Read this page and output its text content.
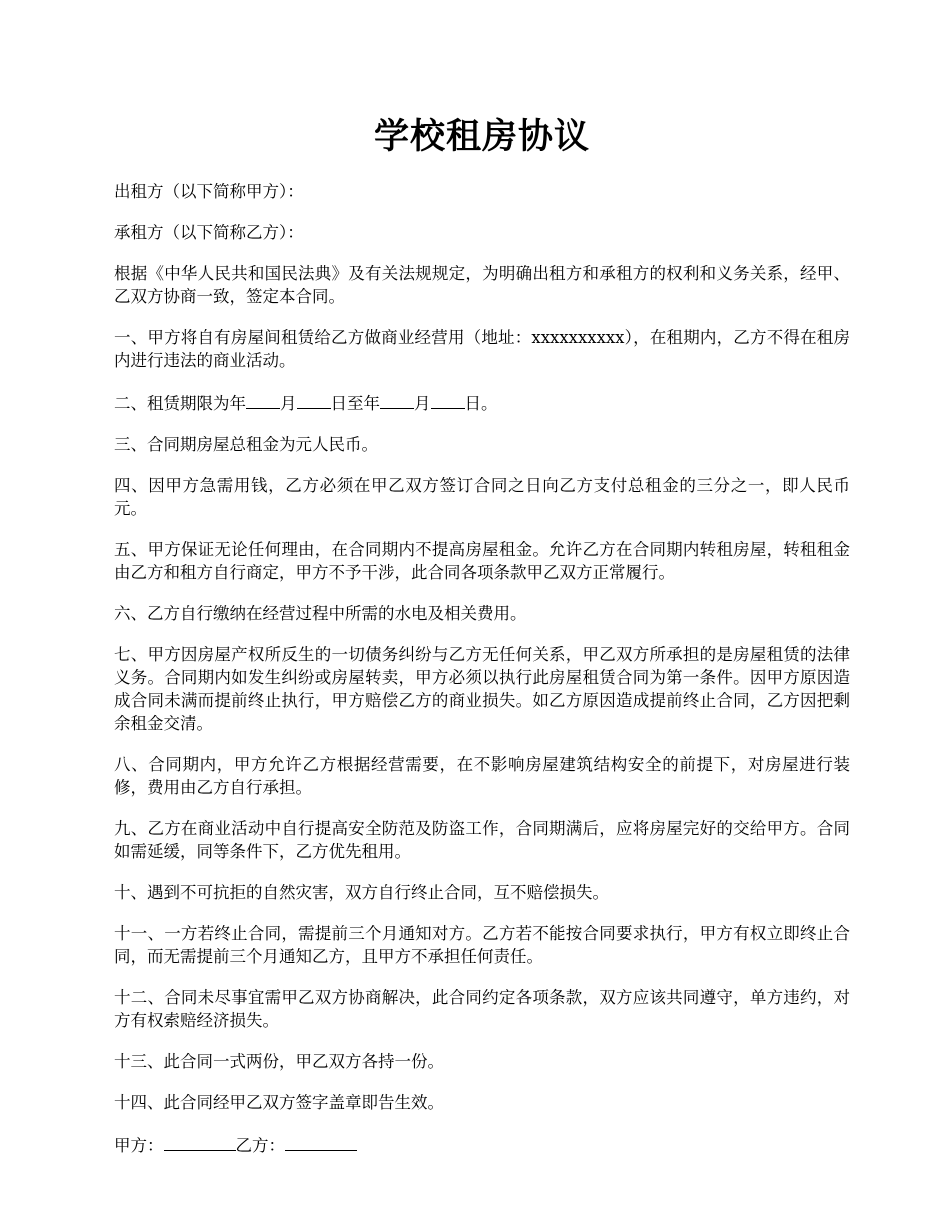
学校租房协议

出租方（以下简称甲方）：

承租方（以下简称乙方）：

根据《中华人民共和国民法典》及有关法规规定，为明确出租方和承租方的权利和义务关系，经甲、乙双方协商一致，签定本合同。

一、甲方将自有房屋间租赁给乙方做商业经营用（地址：xxxxxxxxxx），在租期内，乙方不得在租房内进行违法的商业活动。

二、租赁期限为年 月 日至年 月 日。

三、合同期房屋总租金为元人民币。

四、因甲方急需用钱，乙方必须在甲乙双方签订合同之日向乙方支付总租金的三分之一，即人民币元。

五、甲方保证无论任何理由，在合同期内不提高房屋租金。允许乙方在合同期内转租房屋，转租租金由乙方和租方自行商定，甲方不予干涉，此合同各项条款甲乙双方正常履行。

六、乙方自行缴纳在经营过程中所需的水电及相关费用。

七、甲方因房屋产权所反生的一切债务纠纷与乙方无任何关系，甲乙双方所承担的是房屋租赁的法律义务。合同期内如发生纠纷或房屋转卖，甲方必须以执行此房屋租赁合同为第一条件。因甲方原因造成合同未满而提前终止执行，甲方赔偿乙方的商业损失。如乙方原因造成提前终止合同，乙方因把剩余租金交清。

八、合同期内，甲方允许乙方根据经营需要，在不影响房屋建筑结构安全的前提下，对房屋进行装修，费用由乙方自行承担。

九、乙方在商业活动中自行提高安全防范及防盗工作，合同期满后，应将房屋完好的交给甲方。合同如需延缓，同等条件下，乙方优先租用。

十、遇到不可抗拒的自然灾害，双方自行终止合同，互不赔偿损失。

十一、一方若终止合同，需提前三个月通知对方。乙方若不能按合同要求执行，甲方有权立即终止合同，而无需提前三个月通知乙方，且甲方不承担任何责任。

十二、合同未尽事宜需甲乙双方协商解决，此合同约定各项条款，双方应该共同遵守，单方违约，对方有权索赔经济损失。

十三、此合同一式两份，甲乙双方各持一份。

十四、此合同经甲乙双方签字盖章即告生效。

甲方：	乙方：
